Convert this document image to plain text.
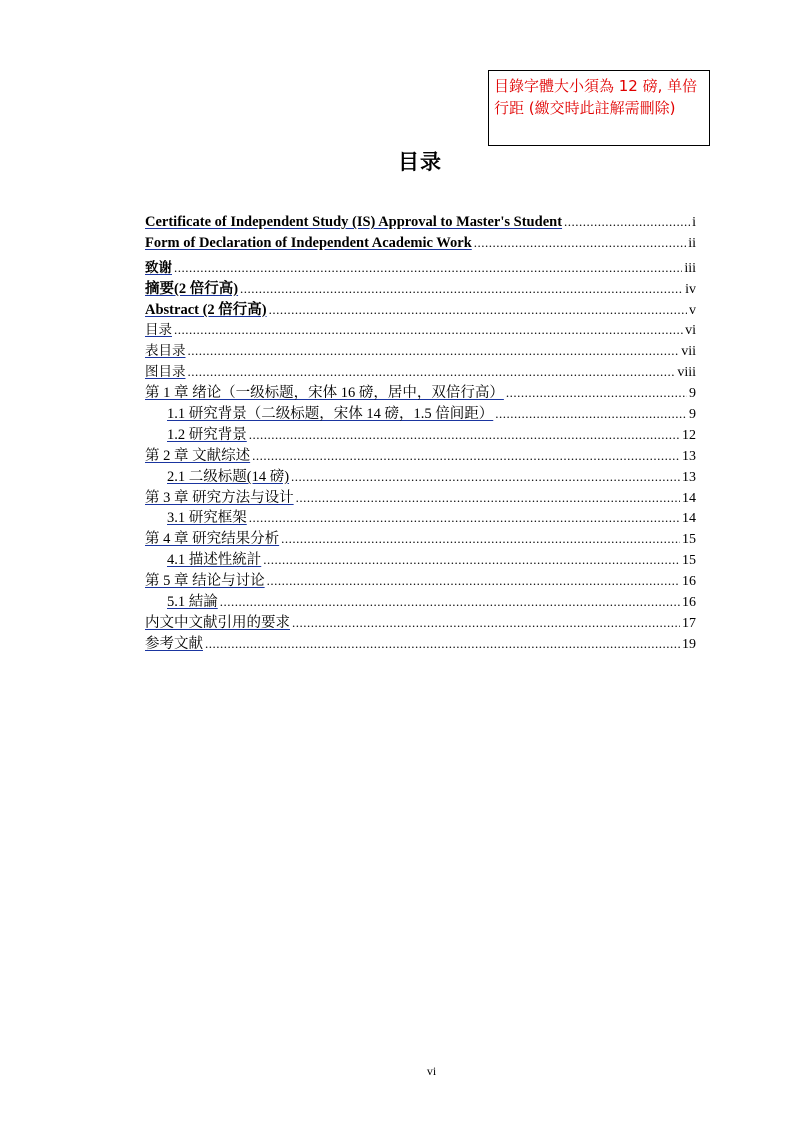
目錄字體大小須為 12 磅, 单倍行距 (繳交時此註解需刪除)
目录
Certificate of Independent Study (IS) Approval to Master's Student .....	i
Form of Declaration of Independent Academic Work .....	ii
致谢 .....	iii
摘要(2 倍行高) .....	iv
Abstract (2 倍行高) .....	v
目录 .....	vi
表目录 .....	vii
图目录 .....	viii
第 1 章 绪论（一级标题，宋体 16 磅，居中，双倍行高） .....	9
1.1 研究背景（二级标题，宋体 14 磅，1.5 倍间距） .....	9
1.2 研究背景 .....	12
第 2 章 文献综述 .....	13
2.1 二级标题(14 磅) .....	13
第 3 章 研究方法与设计 .....	14
3.1 研究框架 .....	14
第 4 章 研究结果分析 .....	15
4.1 描述性統計 .....	15
第 5 章 结论与讨论 .....	16
5.1 結論 .....	16
内文中文献引用的要求 .....	17
参考文献 .....	19
vi
